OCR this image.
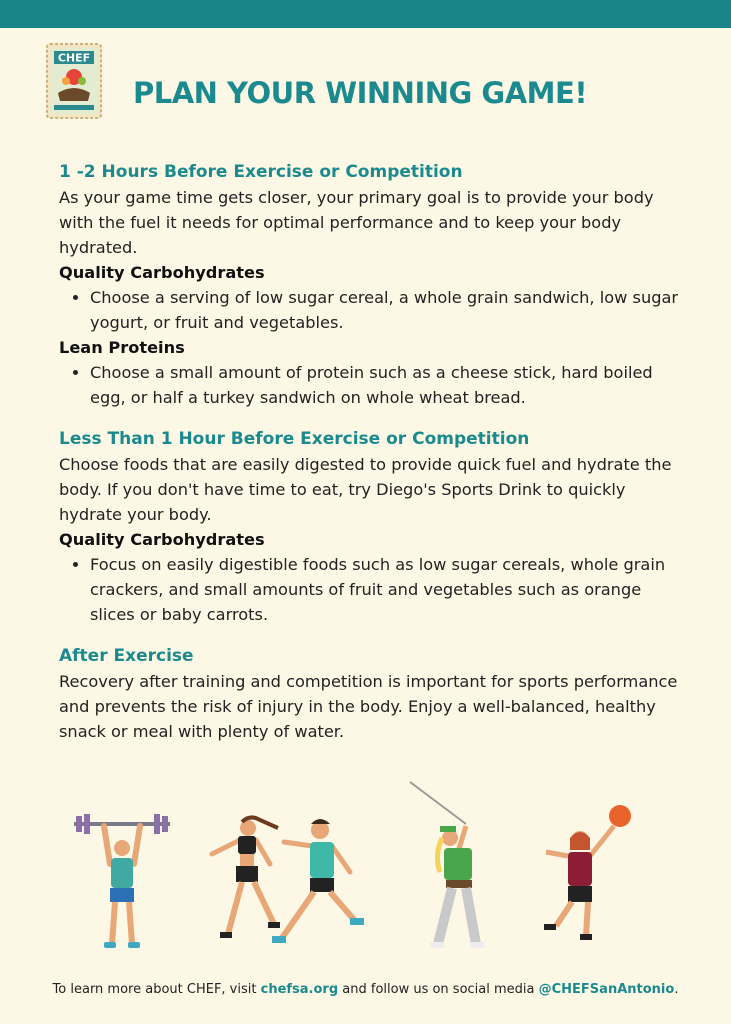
CHEF
PLAN YOUR WINNING GAME!

1 -2 Hours Before Exercise or Competition

As your game time gets closer, your primary goal is to provide your body with the fuel it needs for optimal performance and to keep your body hydrated.

Quality Carbohydrates

• Choose a serving of low sugar cereal, a whole grain sandwich, low sugar yogurt, or fruit and vegetables.

Lean Proteins

• Choose a small amount of protein such as a cheese stick, hard boiled egg, or half a turkey sandwich on whole wheat bread.

Less Than 1 Hour Before Exercise or Competition

Choose foods that are easily digested to provide quick fuel and hydrate the body. If you don't have time to eat, try Diego's Sports Drink to quickly hydrate your body.

Quality Carbohydrates

• Focus on easily digestible foods such as low sugar cereals, whole grain crackers, and small amounts of fruit and vegetables such as orange slices or baby carrots.

After Exercise

Recovery after training and competition is important for sports performance and prevents the risk of injury in the body. Enjoy a well-balanced, healthy snack or meal with plenty of water.

To learn more about CHEF, visit chefsa.org and follow us on social media @CHEFSanAntonio.
